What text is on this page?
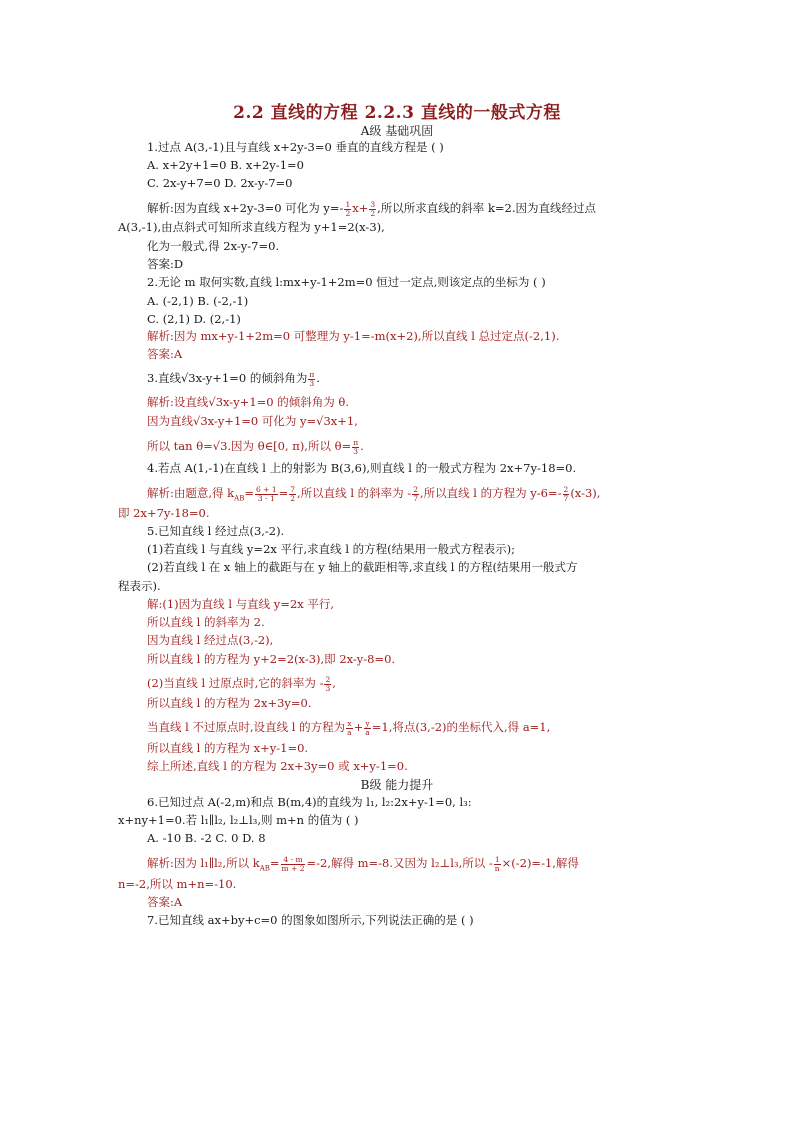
2.2 直线的方程 2.2.3 直线的一般式方程
A级 基础巩固
1.过点 A(3,-1)且与直线 x+2y-3=0 垂直的直线方程是 ( )
A. x+2y+1=0 B. x+2y-1=0
C. 2x-y+7=0 D. 2x-y-7=0
解析:因为直线 x+2y-3=0 可化为 $y=- \frac{1}{2} x+ \frac{3}{2}$ ,所以所求直线的斜率 k=2.因为直线经过点
A(3,-1),由点斜式可知所求直线方程为 y+1=2(x-3),
化为一般式,得 2x-y-7=0.
答案:D
2.无论 m 取何实数,直线 l:mx+y-1+2m=0 恒过一定点,则该定点的坐标为 ( )
A. (-2,1) B. (-2,-1)
C. (2,1) D. (2,-1)
解析:因为 mx+y-1+2m=0 可整理为 y-1=-m(x+2),所以直线 l 总过定点(-2,1).
答案:A
3.直线√3x-y+1=0 的倾斜角为 $\frac{\pi}{3}$ .
解析:设直线√3x-y+1=0 的倾斜角为 θ.
因为直线√3x-y+1=0 可化为 y=√3x+1,
所以 tan θ=√3.因为 θ∈[0, π),所以 $\theta= \frac{\pi}{3}$ .
4.若点 A(1,-1)在直线 l 上的射影为 B(3,6),则直线 l 的一般式方程为 2x+7y-18=0.
解析:由题意,得 $k_{AB}= \frac{6 + 1}{3 - 1} = \frac{7}{2}$ ,所以直线 l 的斜率为 - $\frac{2}{7}$ ,所以直线 l 的方程为 $y-6=- \frac{2}{7} (x-3)$,
即 2x+7y-18=0.
5.已知直线 l 经过点(3,-2).
(1)若直线 l 与直线 y=2x 平行,求直线 l 的方程(结果用一般式方程表示);
(2)若直线 l 在 x 轴上的截距与在 y 轴上的截距相等,求直线 l 的方程(结果用一般式方
程表示).
解:(1)因为直线 l 与直线 y=2x 平行,
所以直线 l 的斜率为 2.
因为直线 l 经过点(3,-2),
所以直线 l 的方程为 y+2=2(x-3),即 2x-y-8=0.
(2)当直线 l 过原点时,它的斜率为 - $\frac{2}{3}$ ,
所以直线 l 的方程为 2x+3y=0.
当直线 l 不过原点时,设直线 l 的方程为 $\frac{x}{a} + \frac{y}{a} =1$,将点(3,-2)的坐标代入,得 a=1,
所以直线 l 的方程为 x+y-1=0.
综上所述,直线 l 的方程为 2x+3y=0 或 x+y-1=0.
B级 能力提升
6.已知过点 A(-2,m)和点 B(m,4)的直线为 l₁, l₂:2x+y-1=0, l₃:
x+ny+1=0.若 l₁∥l₂, l₂⊥l₃,则 m+n 的值为 ( )
A. -10 B. -2 C. 0 D. 8
解析:因为 l₁∥l₂,所以 $k_{AB}= \frac{4 - m}{m + 2} =-2$,解得 m=-8.又因为 l₂⊥l₃,所以 - $\frac{1}{n} \times(-2)=-1$,解得
n=-2,所以 m+n=-10.
答案:A
7.已知直线 ax+by+c=0 的图象如图所示,下列说法正确的是 ( )
